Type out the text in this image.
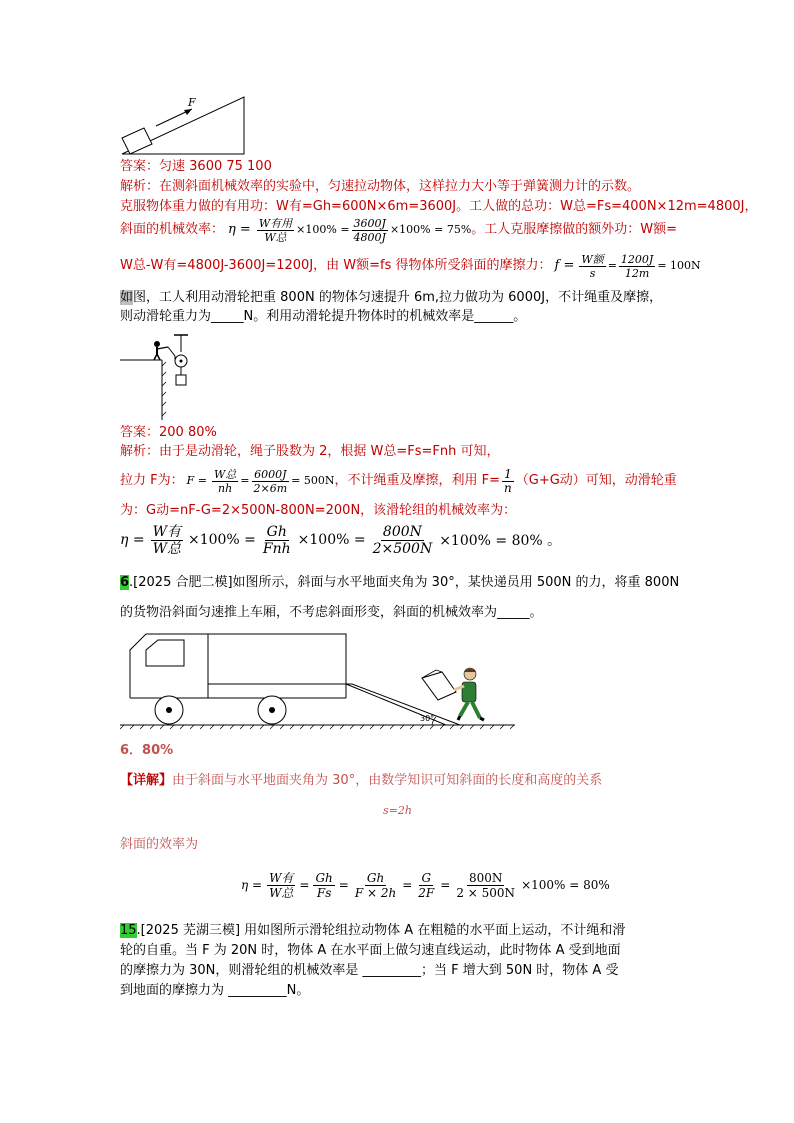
F
答案：匀速 3600 75 100
解析：在测斜面机械效率的实验中，匀速拉动物体，这样拉力大小等于弹簧测力计的示数。
克服物体重力做的有用功：W有=Gh=600N×6m=3600J。工人做的总功：W总=Fs=400N×12m=4800J，
斜面的机械效率： $\eta = \frac{\text{W有用}}{\text{W总}} \times 100\% = \frac{3600J}{4800J} \times 100\% = 75\%$ 。工人克服摩擦做的额外功：W额=
W总-W有=4800J-3600J=1200J，由 W额=fs 得物体所受斜面的摩擦力： $f = \frac{\text{W额}}{s} = \frac{1200J}{12m} = 100N$
如图，工人利用动滑轮把重 800N 的物体匀速提升 6m,拉力做功为 6000J，不计绳重及摩擦，
则动滑轮重力为_____N。利用动滑轮提升物体时的机械效率是______。
答案：200 80%
解析：由于是动滑轮，绳子股数为 2，根据 W总=Fs=Fnh 可知，
拉力 F为： $F = \frac{\text{W总}}{nh} = \frac{6000J}{2\times 6m} = 500N$ ，不计绳重及摩擦，利用 $F= \frac{1}{n} (G+G$动）可知，动滑轮重
为：G动=nF-G=2×500N-800N=200N，该滑轮组的机械效率为：
$\eta = \frac{\text{W有}}{\text{W总}} \times 100\% = \frac{Gh}{\text{Fnh}} \times 100\% = \frac{800N}{2\times 500N} \times 100\% = 80\%$ 。
6.[2025 合肥二模]如图所示，斜面与水平地面夹角为 30°，某快递员用 500N 的力，将重 800N
的货物沿斜面匀速推上车厢，不考虑斜面形变，斜面的机械效率为_____。
30°
6．80%
【详解】由于斜面与水平地面夹角为 30°，由数学知识可知斜面的长度和高度的关系
s=2h
斜面的效率为
$\eta = \frac{\text{W有}}{\text{W总}} = \frac{Gh}{Fs} = \frac{Gh}{F \times 2h} = \frac{G}{2F} = \frac{800N}{2 \times 500N} \times 100\% = 80\%$
15.[2025 芜湖三模] 用如图所示滑轮组拉动物体 A 在粗糙的水平面上运动，不计绳和滑
轮的自重。当 F 为 20N 时，物体 A 在水平面上做匀速直线运动，此时物体 A 受到地面
的摩擦力为 30N，则滑轮组的机械效率是 _________；当 F 增大到 50N 时，物体 A 受
到地面的摩擦力为 _________N。
